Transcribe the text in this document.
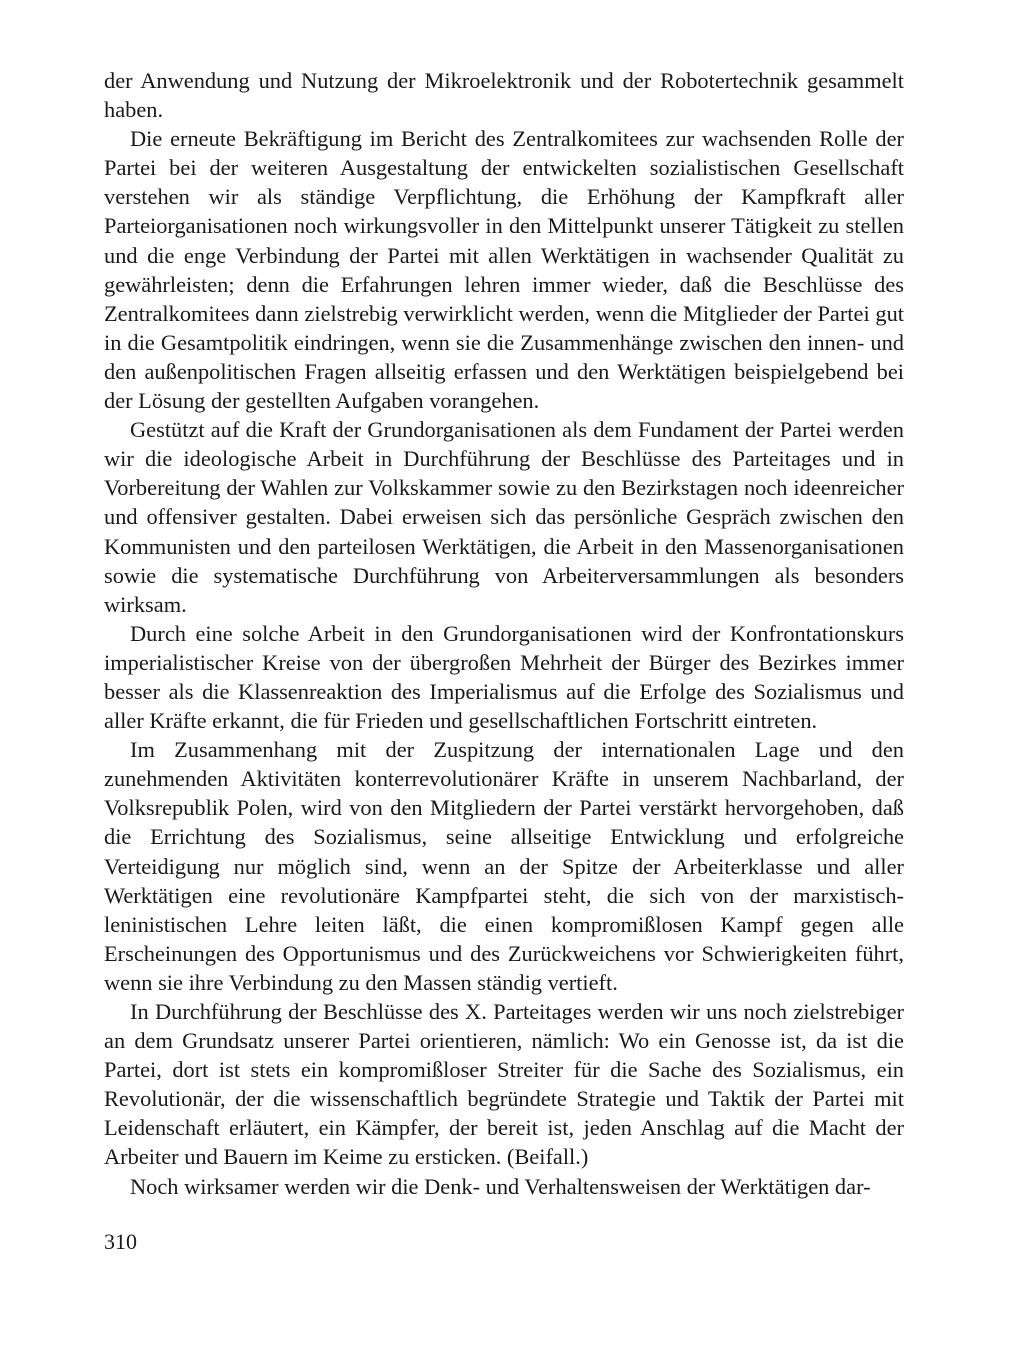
der Anwendung und Nutzung der Mikroelektronik und der Robotertechnik gesammelt haben.

Die erneute Bekräftigung im Bericht des Zentralkomitees zur wachsenden Rolle der Partei bei der weiteren Ausgestaltung der entwickelten sozialistischen Gesellschaft verstehen wir als ständige Verpflichtung, die Erhöhung der Kampfkraft aller Parteiorganisationen noch wirkungsvoller in den Mittelpunkt unserer Tätigkeit zu stellen und die enge Verbindung der Partei mit allen Werktätigen in wachsender Qualität zu gewährleisten; denn die Erfahrungen lehren immer wieder, daß die Beschlüsse des Zentralkomitees dann zielstrebig verwirklicht werden, wenn die Mitglieder der Partei gut in die Gesamtpolitik eindringen, wenn sie die Zusammenhänge zwischen den innen- und den außenpolitischen Fragen allseitig erfassen und den Werktätigen beispielgebend bei der Lösung der gestellten Aufgaben vorangehen.

Gestützt auf die Kraft der Grundorganisationen als dem Fundament der Partei werden wir die ideologische Arbeit in Durchführung der Beschlüsse des Parteitages und in Vorbereitung der Wahlen zur Volkskammer sowie zu den Bezirkstagen noch ideenreicher und offensiver gestalten. Dabei erweisen sich das persönliche Gespräch zwischen den Kommunisten und den parteilosen Werktätigen, die Arbeit in den Massenorganisationen sowie die systematische Durchführung von Arbeiterversammlungen als besonders wirksam.

Durch eine solche Arbeit in den Grundorganisationen wird der Konfrontationskurs imperialistischer Kreise von der übergroßen Mehrheit der Bürger des Bezirkes immer besser als die Klassenreaktion des Imperialismus auf die Erfolge des Sozialismus und aller Kräfte erkannt, die für Frieden und gesellschaftlichen Fortschritt eintreten.

Im Zusammenhang mit der Zuspitzung der internationalen Lage und den zunehmenden Aktivitäten konterrevolutionärer Kräfte in unserem Nachbarland, der Volksrepublik Polen, wird von den Mitgliedern der Partei verstärkt hervorgehoben, daß die Errichtung des Sozialismus, seine allseitige Entwicklung und erfolgreiche Verteidigung nur möglich sind, wenn an der Spitze der Arbeiterklasse und aller Werktätigen eine revolutionäre Kampfpartei steht, die sich von der marxistisch-leninistischen Lehre leiten läßt, die einen kompromißlosen Kampf gegen alle Erscheinungen des Opportunismus und des Zurückweichens vor Schwierigkeiten führt, wenn sie ihre Verbindung zu den Massen ständig vertieft.

In Durchführung der Beschlüsse des X. Parteitages werden wir uns noch zielstrebiger an dem Grundsatz unserer Partei orientieren, nämlich: Wo ein Genosse ist, da ist die Partei, dort ist stets ein kompromißloser Streiter für die Sache des Sozialismus, ein Revolutionär, der die wissenschaftlich begründete Strategie und Taktik der Partei mit Leidenschaft erläutert, ein Kämpfer, der bereit ist, jeden Anschlag auf die Macht der Arbeiter und Bauern im Keime zu ersticken. (Beifall.)

Noch wirksamer werden wir die Denk- und Verhaltensweisen der Werktätigen dar-

310
